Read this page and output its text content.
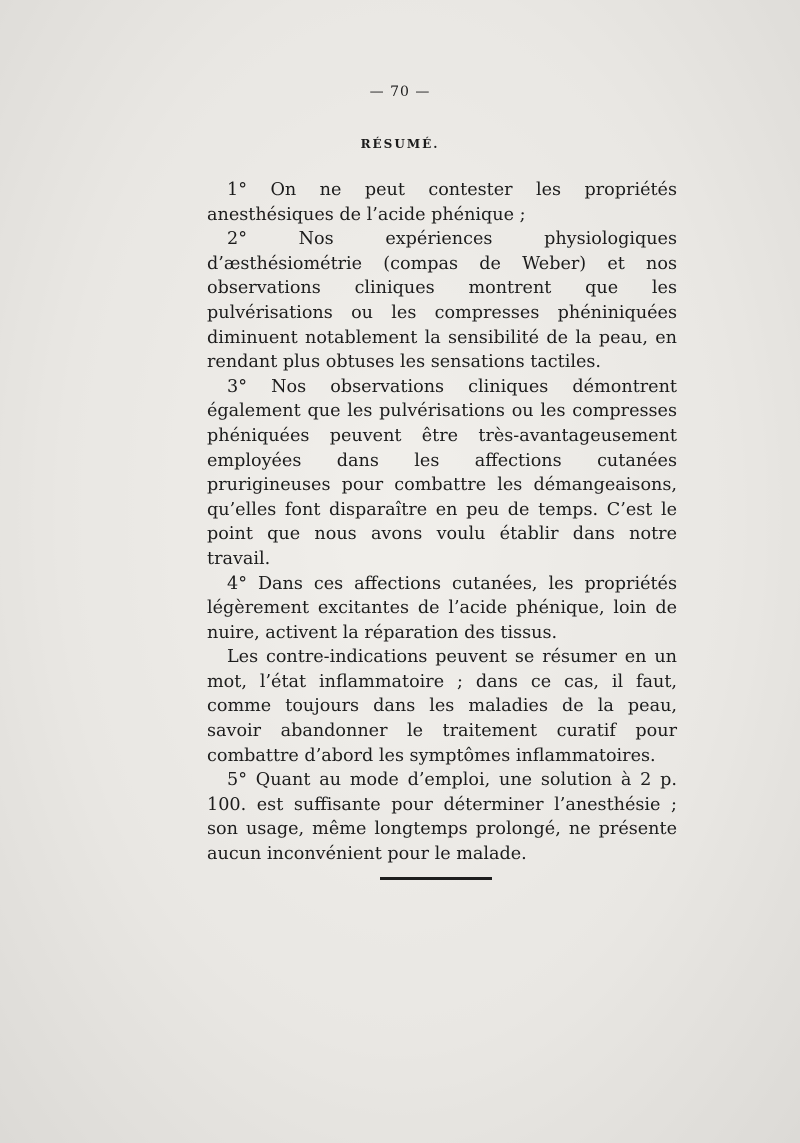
— 70 —
RÉSUMÉ.

1° On ne peut contester les propriétés anesthésiques de l’acide phénique ;

2° Nos expériences physiologiques d’æsthésiométrie (compas de Weber) et nos observations cliniques montrent que les pulvérisations ou les compresses phéniniquées diminuent notablement la sensibilité de la peau, en rendant plus obtuses les sensations tactiles.

3° Nos observations cliniques démontrent également que les pulvérisations ou les compresses phéniquées peuvent être très-avantageusement employées dans les affections cutanées prurigineuses pour combattre les démangeaisons, qu’elles font disparaître en peu de temps. C’est le point que nous avons voulu établir dans notre travail.

4° Dans ces affections cutanées, les propriétés légèrement excitantes de l’acide phénique, loin de nuire, activent la réparation des tissus.

Les contre-indications peuvent se résumer en un mot, l’état inflammatoire ; dans ce cas, il faut, comme toujours dans les maladies de la peau, savoir abandonner le traitement curatif pour combattre d’abord les symptômes inflammatoires.

5° Quant au mode d’emploi, une solution à 2 p. 100. est suffisante pour déterminer l’anesthésie ; son usage, même longtemps prolongé, ne présente aucun inconvénient pour le malade.
